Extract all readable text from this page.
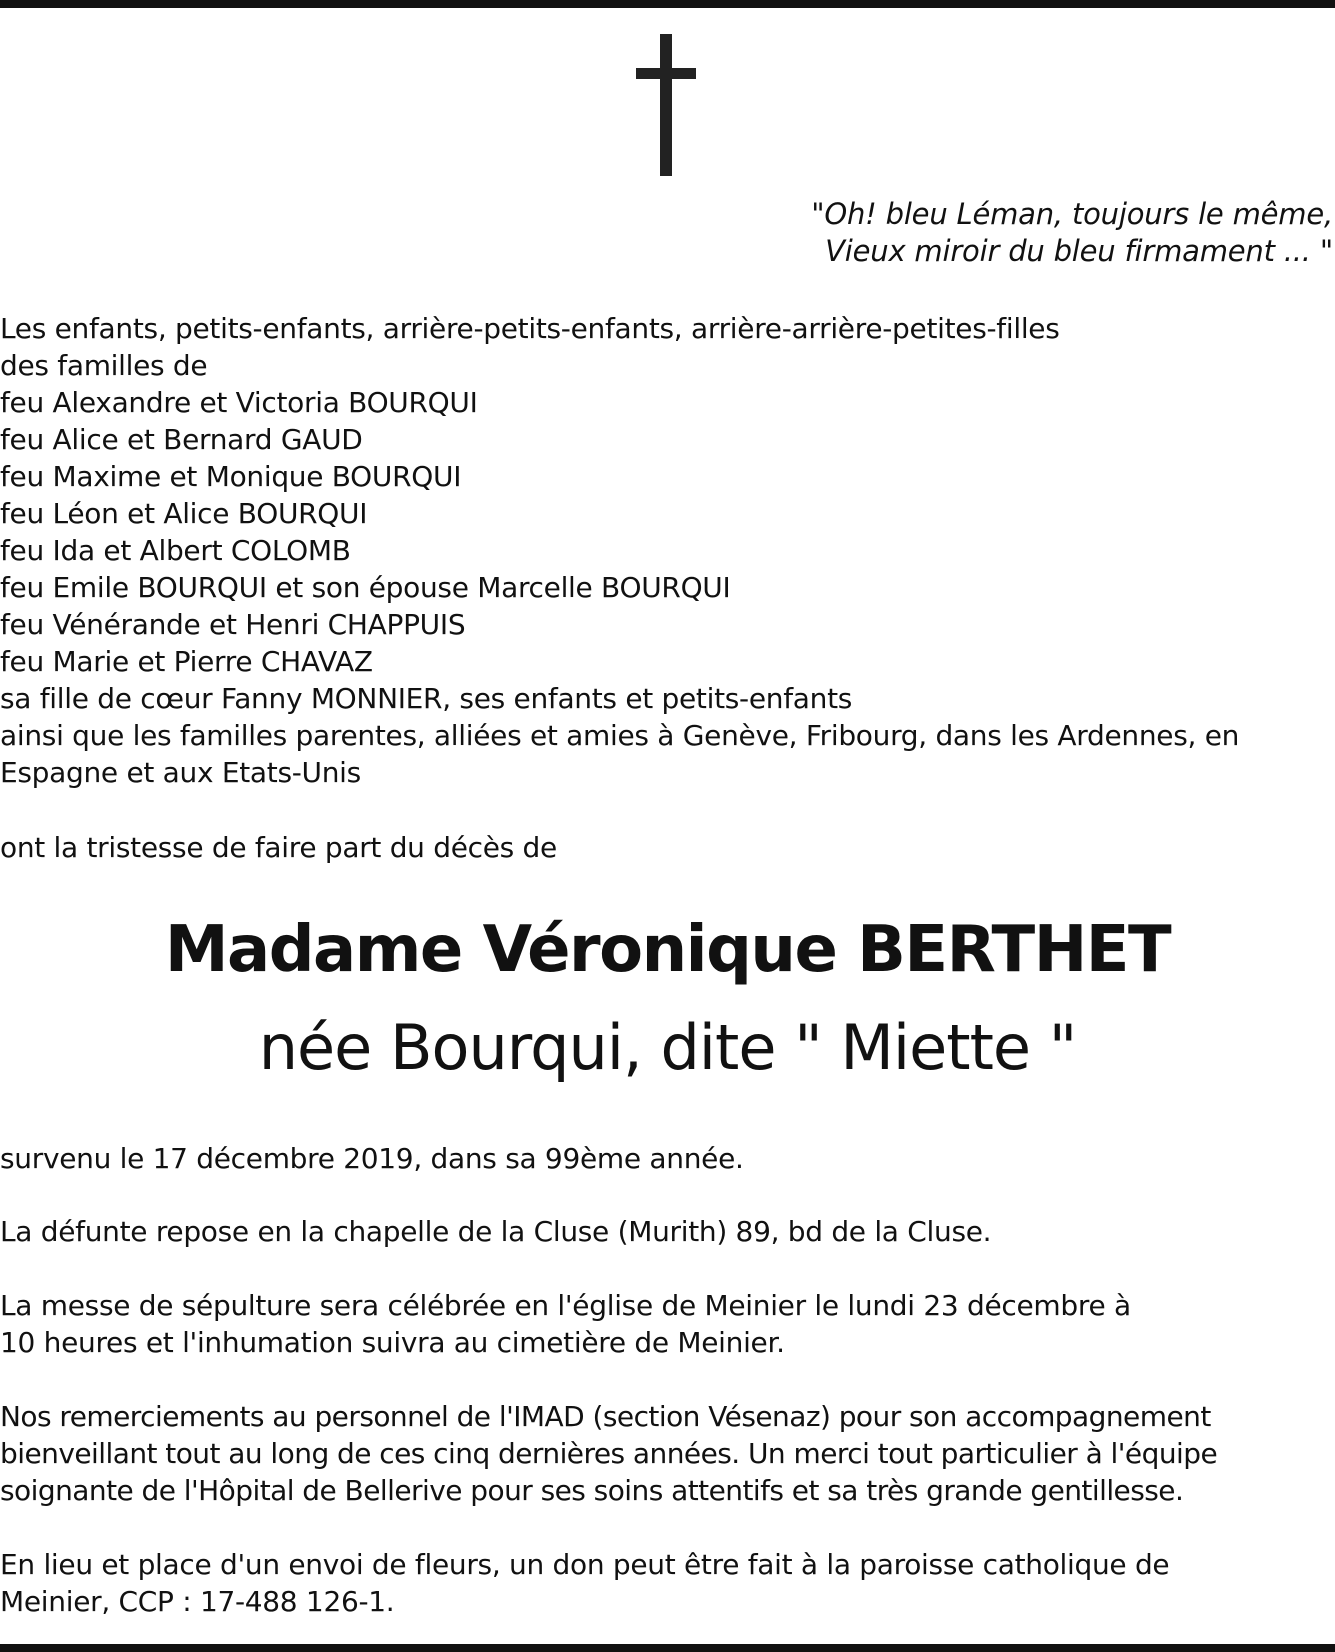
"Oh! bleu Léman, toujours le même,
Vieux miroir du bleu firmament ... "
Les enfants, petits-enfants, arrière-petits-enfants, arrière-arrière-petites-filles
des familles de
feu Alexandre et Victoria BOURQUI
feu Alice et Bernard GAUD
feu Maxime et Monique BOURQUI
feu Léon et Alice BOURQUI
feu Ida et Albert COLOMB
feu Emile BOURQUI et son épouse Marcelle BOURQUI
feu Vénérande et Henri CHAPPUIS
feu Marie et Pierre CHAVAZ
sa fille de cœur Fanny MONNIER, ses enfants et petits-enfants
ainsi que les familles parentes, alliées et amies à Genève, Fribourg, dans les Ardennes, en
Espagne et aux Etats-Unis
ont la tristesse de faire part du décès de
Madame Véronique BERTHET
née Bourqui, dite " Miette "
survenu le 17 décembre 2019, dans sa 99ème année.
La défunte repose en la chapelle de la Cluse (Murith) 89, bd de la Cluse.
La messe de sépulture sera célébrée en l'église de Meinier le lundi 23 décembre à
10 heures et l'inhumation suivra au cimetière de Meinier.
Nos remerciements au personnel de l'IMAD (section Vésenaz) pour son accompagnement
bienveillant tout au long de ces cinq dernières années. Un merci tout particulier à l'équipe
soignante de l'Hôpital de Bellerive pour ses soins attentifs et sa très grande gentillesse.
En lieu et place d'un envoi de fleurs, un don peut être fait à la paroisse catholique de
Meinier, CCP : 17-488 126-1.
